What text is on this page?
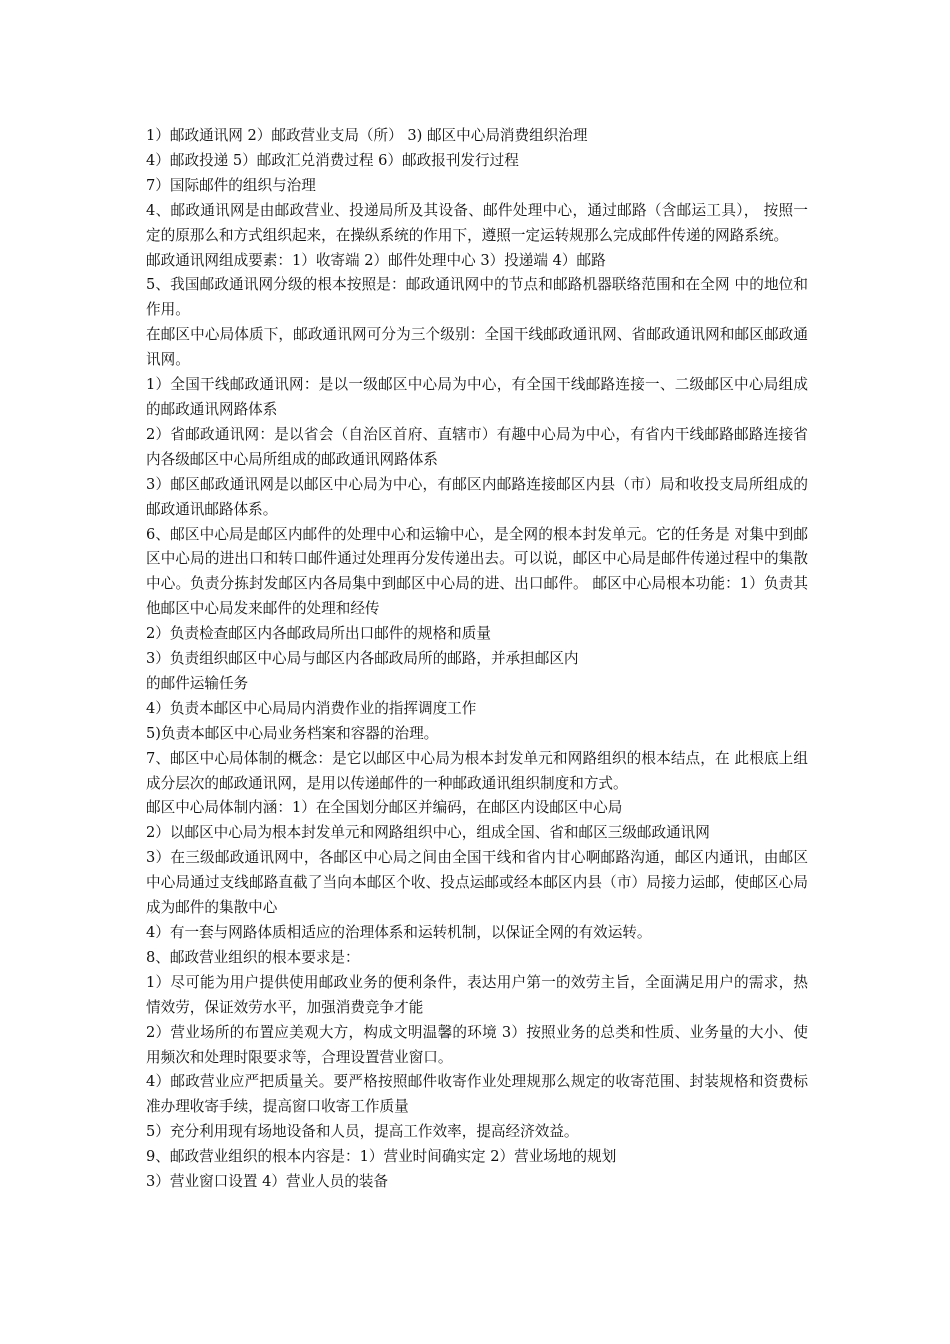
1）邮政通讯网 2）邮政营业支局（所） 3) 邮区中心局消费组织治理

4）邮政投递 5）邮政汇兑消费过程 6）邮政报刊发行过程

7）国际邮件的组织与治理

4、邮政通讯网是由邮政营业、投递局所及其设备、邮件处理中心，通过邮路（含邮运工具）， 按照一定的原那么和方式组织起来，在操纵系统的作用下，遵照一定运转规那么完成邮件传递的网路系统。

邮政通讯网组成要素：1）收寄端 2）邮件处理中心 3）投递端 4）邮路

5、我国邮政通讯网分级的根本按照是：邮政通讯网中的节点和邮路机器联络范围和在全网 中的地位和作用。

在邮区中心局体质下，邮政通讯网可分为三个级别：全国干线邮政通讯网、省邮政通讯网和邮区邮政通讯网。

1）全国干线邮政通讯网：是以一级邮区中心局为中心，有全国干线邮路连接一、二级邮区中心局组成的邮政通讯网路体系

2）省邮政通讯网：是以省会（自治区首府、直辖市）有趣中心局为中心，有省内干线邮路邮路连接省内各级邮区中心局所组成的邮政通讯网路体系

3）邮区邮政通讯网是以邮区中心局为中心，有邮区内邮路连接邮区内县（市）局和收投支局所组成的邮政通讯邮路体系。

6、邮区中心局是邮区内邮件的处理中心和运输中心，是全网的根本封发单元。它的任务是 对集中到邮区中心局的进出口和转口邮件通过处理再分发传递出去。可以说，邮区中心局是邮件传递过程中的集散中心。负责分拣封发邮区内各局集中到邮区中心局的进、出口邮件。 邮区中心局根本功能：1）负责其他邮区中心局发来邮件的处理和经传

2）负责检查邮区内各邮政局所出口邮件的规格和质量

3）负责组织邮区中心局与邮区内各邮政局所的邮路，并承担邮区内

的邮件运输任务

4）负责本邮区中心局局内消费作业的指挥调度工作

5)负责本邮区中心局业务档案和容器的治理。

7、邮区中心局体制的概念：是它以邮区中心局为根本封发单元和网路组织的根本结点，在 此根底上组成分层次的邮政通讯网，是用以传递邮件的一种邮政通讯组织制度和方式。

邮区中心局体制内涵：1）在全国划分邮区并编码，在邮区内设邮区中心局

2）以邮区中心局为根本封发单元和网路组织中心，组成全国、省和邮区三级邮政通讯网

3）在三级邮政通讯网中，各邮区中心局之间由全国干线和省内甘心啊邮路沟通，邮区内通讯，由邮区中心局通过支线邮路直截了当向本邮区个收、投点运邮或经本邮区内县（市）局接力运邮，使邮区心局成为邮件的集散中心

4）有一套与网路体质相适应的治理体系和运转机制，以保证全网的有效运转。

8、邮政营业组织的根本要求是：

1）尽可能为用户提供使用邮政业务的便利条件，表达用户第一的效劳主旨，全面满足用户的需求，热情效劳，保证效劳水平，加强消费竞争才能

2）营业场所的布置应美观大方，构成文明温馨的环境 3）按照业务的总类和性质、业务量的大小、使用频次和处理时限要求等，合理设置营业窗口。

4）邮政营业应严把质量关。要严格按照邮件收寄作业处理规那么规定的收寄范围、封装规格和资费标准办理收寄手续，提高窗口收寄工作质量

5）充分利用现有场地设备和人员，提高工作效率，提高经济效益。

9、邮政营业组织的根本内容是：1）营业时间确实定 2）营业场地的规划

3）营业窗口设置 4）营业人员的装备
